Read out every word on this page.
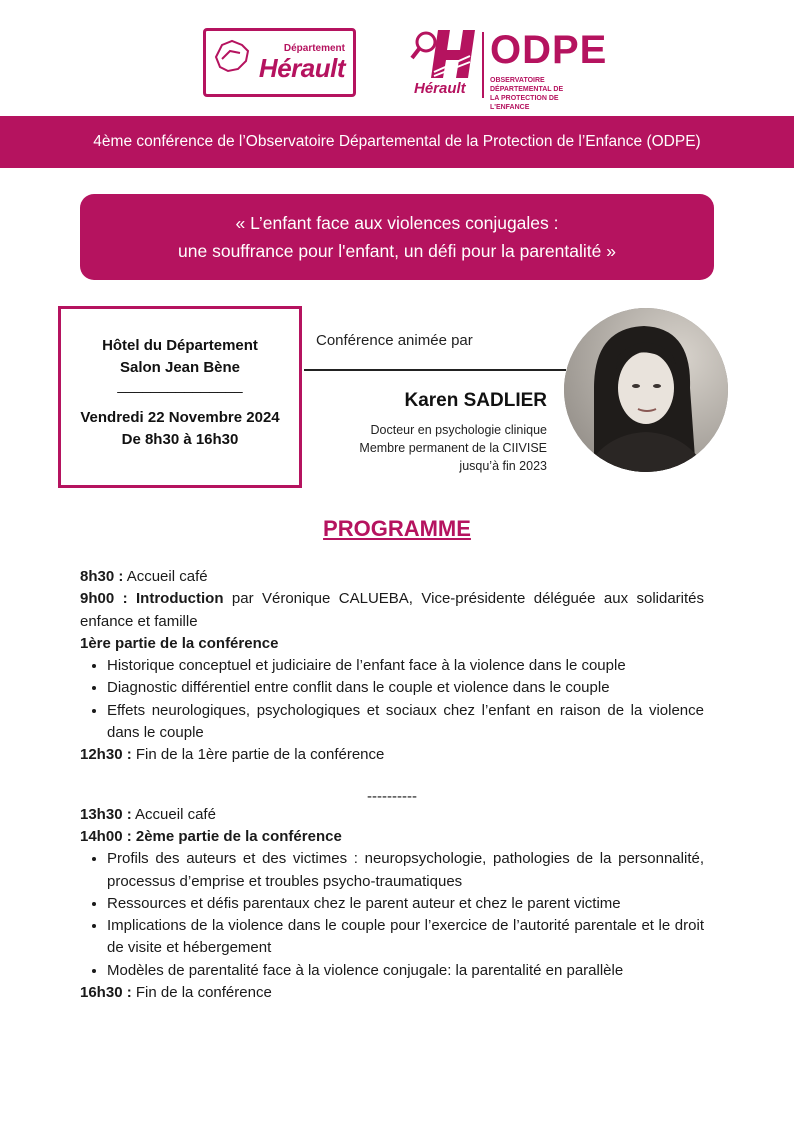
Département
Hérault
Hérault
ODPE
OBSERVATOIRE DÉPARTEMENTAL DE
LA PROTECTION DE L'ENFANCE
4ème conférence de l’Observatoire Départemental de la Protection de l’Enfance (ODPE)
« L’enfant face aux violences conjugales :
une souffrance pour l'enfant, un défi pour la parentalité »
Hôtel du Département
Salon Jean Bène
_______________
Vendredi 22 Novembre 2024
De 8h30 à 16h30
Conférence animée par
Karen SADLIER
Docteur en psychologie clinique
Membre permanent de la CIIVISE
jusqu’à fin 2023
PROGRAMME

8h30 : Accueil café

9h00 : Introduction par Véronique CALUEBA, Vice-présidente déléguée aux solidarités enfance et famille

1ère partie de la conférence

• Historique conceptuel et judiciaire de l’enfant face à la violence dans le couple
• Diagnostic différentiel entre conflit dans le couple et violence dans le couple
• Effets neurologiques, psychologiques et sociaux chez l’enfant en raison de la violence dans le couple

12h30 : Fin de la 1ère partie de la conférence

----------

13h30 : Accueil café

14h00 : 2ème partie de la conférence

• Profils des auteurs et des victimes : neuropsychologie, pathologies de la personnalité, processus d’emprise et troubles psycho-traumatiques
• Ressources et défis parentaux chez le parent auteur et chez le parent victime
• Implications de la violence dans le couple pour l’exercice de l’autorité parentale et le droit de visite et hébergement
• Modèles de parentalité face à la violence conjugale: la parentalité en parallèle

16h30 : Fin de la conférence
